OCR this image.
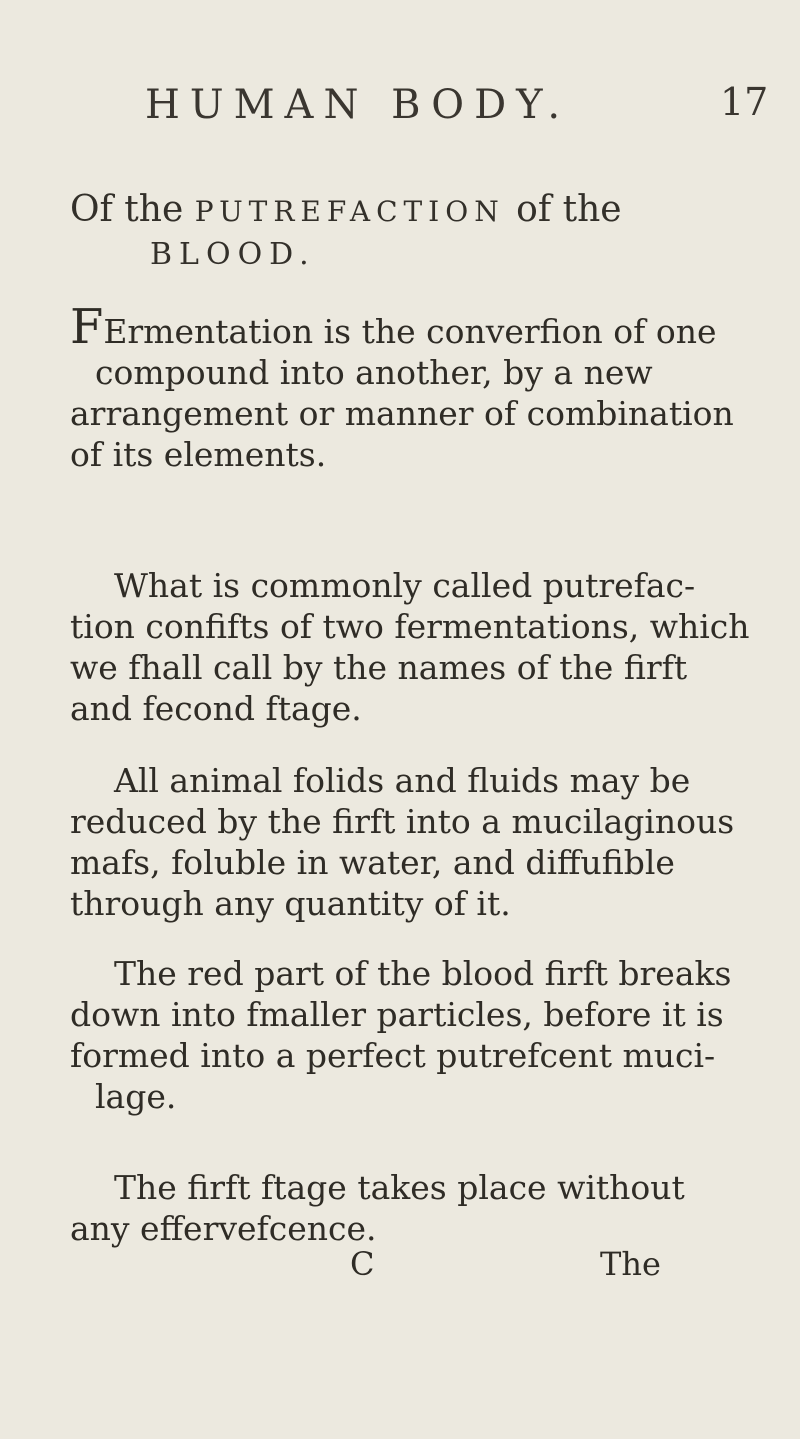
HUMAN BODY.	17
Of the PUTREFACTION of the
BLOOD.
FErmentation is the converfion of one
compound into another, by a new
arrangement or manner of combination
of its elements.
What is commonly called putrefac-
tion confifts of two fermentations, which
we fhall call by the names of the firft
and fecond ftage.
All animal folids and fluids may be
reduced by the firft into a mucilaginous
mafs, foluble in water, and diffufible
through any quantity of it.
The red part of the blood firft breaks
down into fmaller particles, before it is
formed into a perfect putrefcent muci-
lage.
The firft ftage takes place without
any effervefcence.
C	The
